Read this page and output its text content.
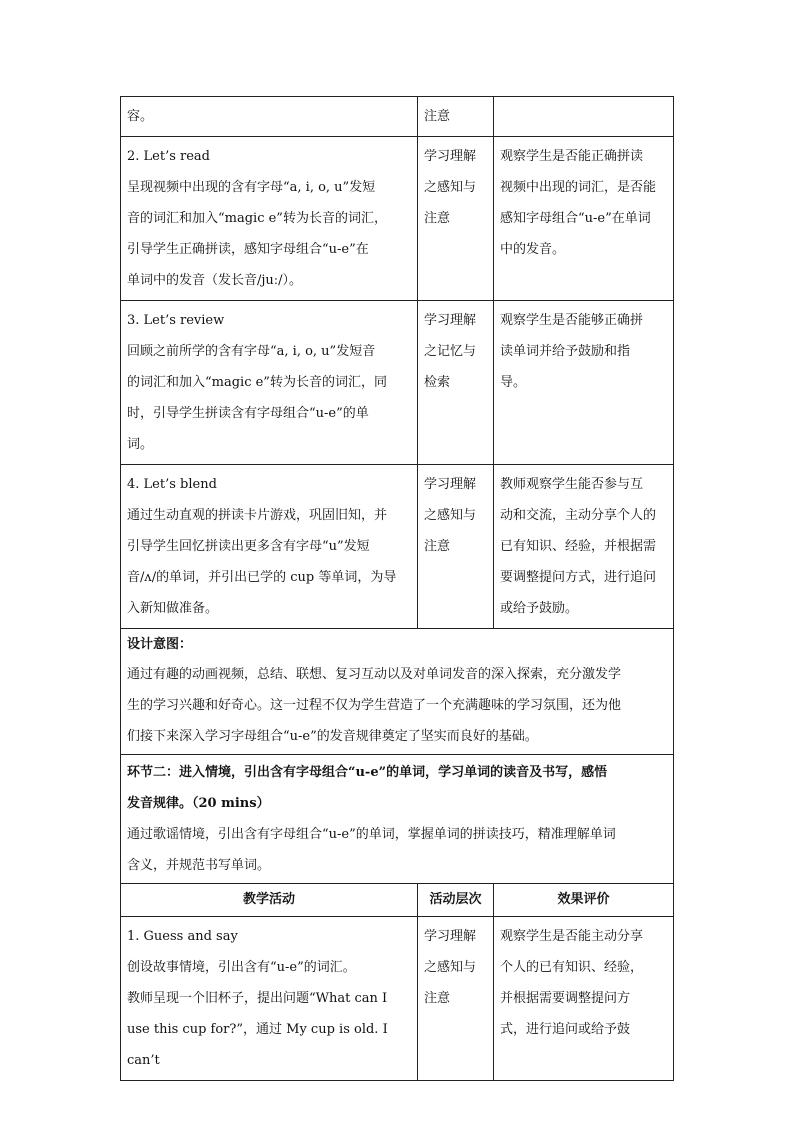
容。	注意	

2. Let’s read
呈现视频中出现的含有字母“a, i, o, u”发短
音的词汇和加入“magic e”转为长音的词汇，
引导学生正确拼读，感知字母组合“u-e”在
单词中的发音（发长音/juː/）。	学习理解
之感知与
注意	观察学生是否能正确拼读
视频中出现的词汇，是否能
感知字母组合“u-e”在单词
中的发音。

3. Let’s review
回顾之前所学的含有字母“a, i, o, u”发短音
的词汇和加入“magic e”转为长音的词汇，同
时，引导学生拼读含有字母组合“u-e”的单
词。	学习理解
之记忆与
检索	观察学生是否能够正确拼
读单词并给予鼓励和指
导。

4. Let’s blend
通过生动直观的拼读卡片游戏，巩固旧知，并
引导学生回忆拼读出更多含有字母“u”发短
音/ʌ/的单词，并引出已学的 cup 等单词，为导
入新知做准备。	学习理解
之感知与
注意	教师观察学生能否参与互
动和交流，主动分享个人的
已有知识、经验，并根据需
要调整提问方式，进行追问
或给予鼓励。

设计意图：
通过有趣的动画视频，总结、联想、复习互动以及对单词发音的深入探索，充分激发学
生的学习兴趣和好奇心。这一过程不仅为学生营造了一个充满趣味的学习氛围，还为他
们接下来深入学习字母组合“u-e”的发音规律奠定了坚实而良好的基础。		

环节二：进入情境，引出含有字母组合“u-e”的单词，学习单词的读音及书写，感悟
发音规律。（20 mins）
通过歌谣情境，引出含有字母组合“u-e”的单词，掌握单词的拼读技巧，精准理解单词
含义，并规范书写单词。		

教学活动	活动层次	效果评价

1. Guess and say
创设故事情境，引出含有“u-e”的词汇。
教师呈现一个旧杯子，提出问题“What can I
use this cup for?”，通过 My cup is old. I can’t	学习理解
之感知与
注意	观察学生是否能主动分享
个人的已有知识、经验，
并根据需要调整提问方
式，进行追问或给予鼓
